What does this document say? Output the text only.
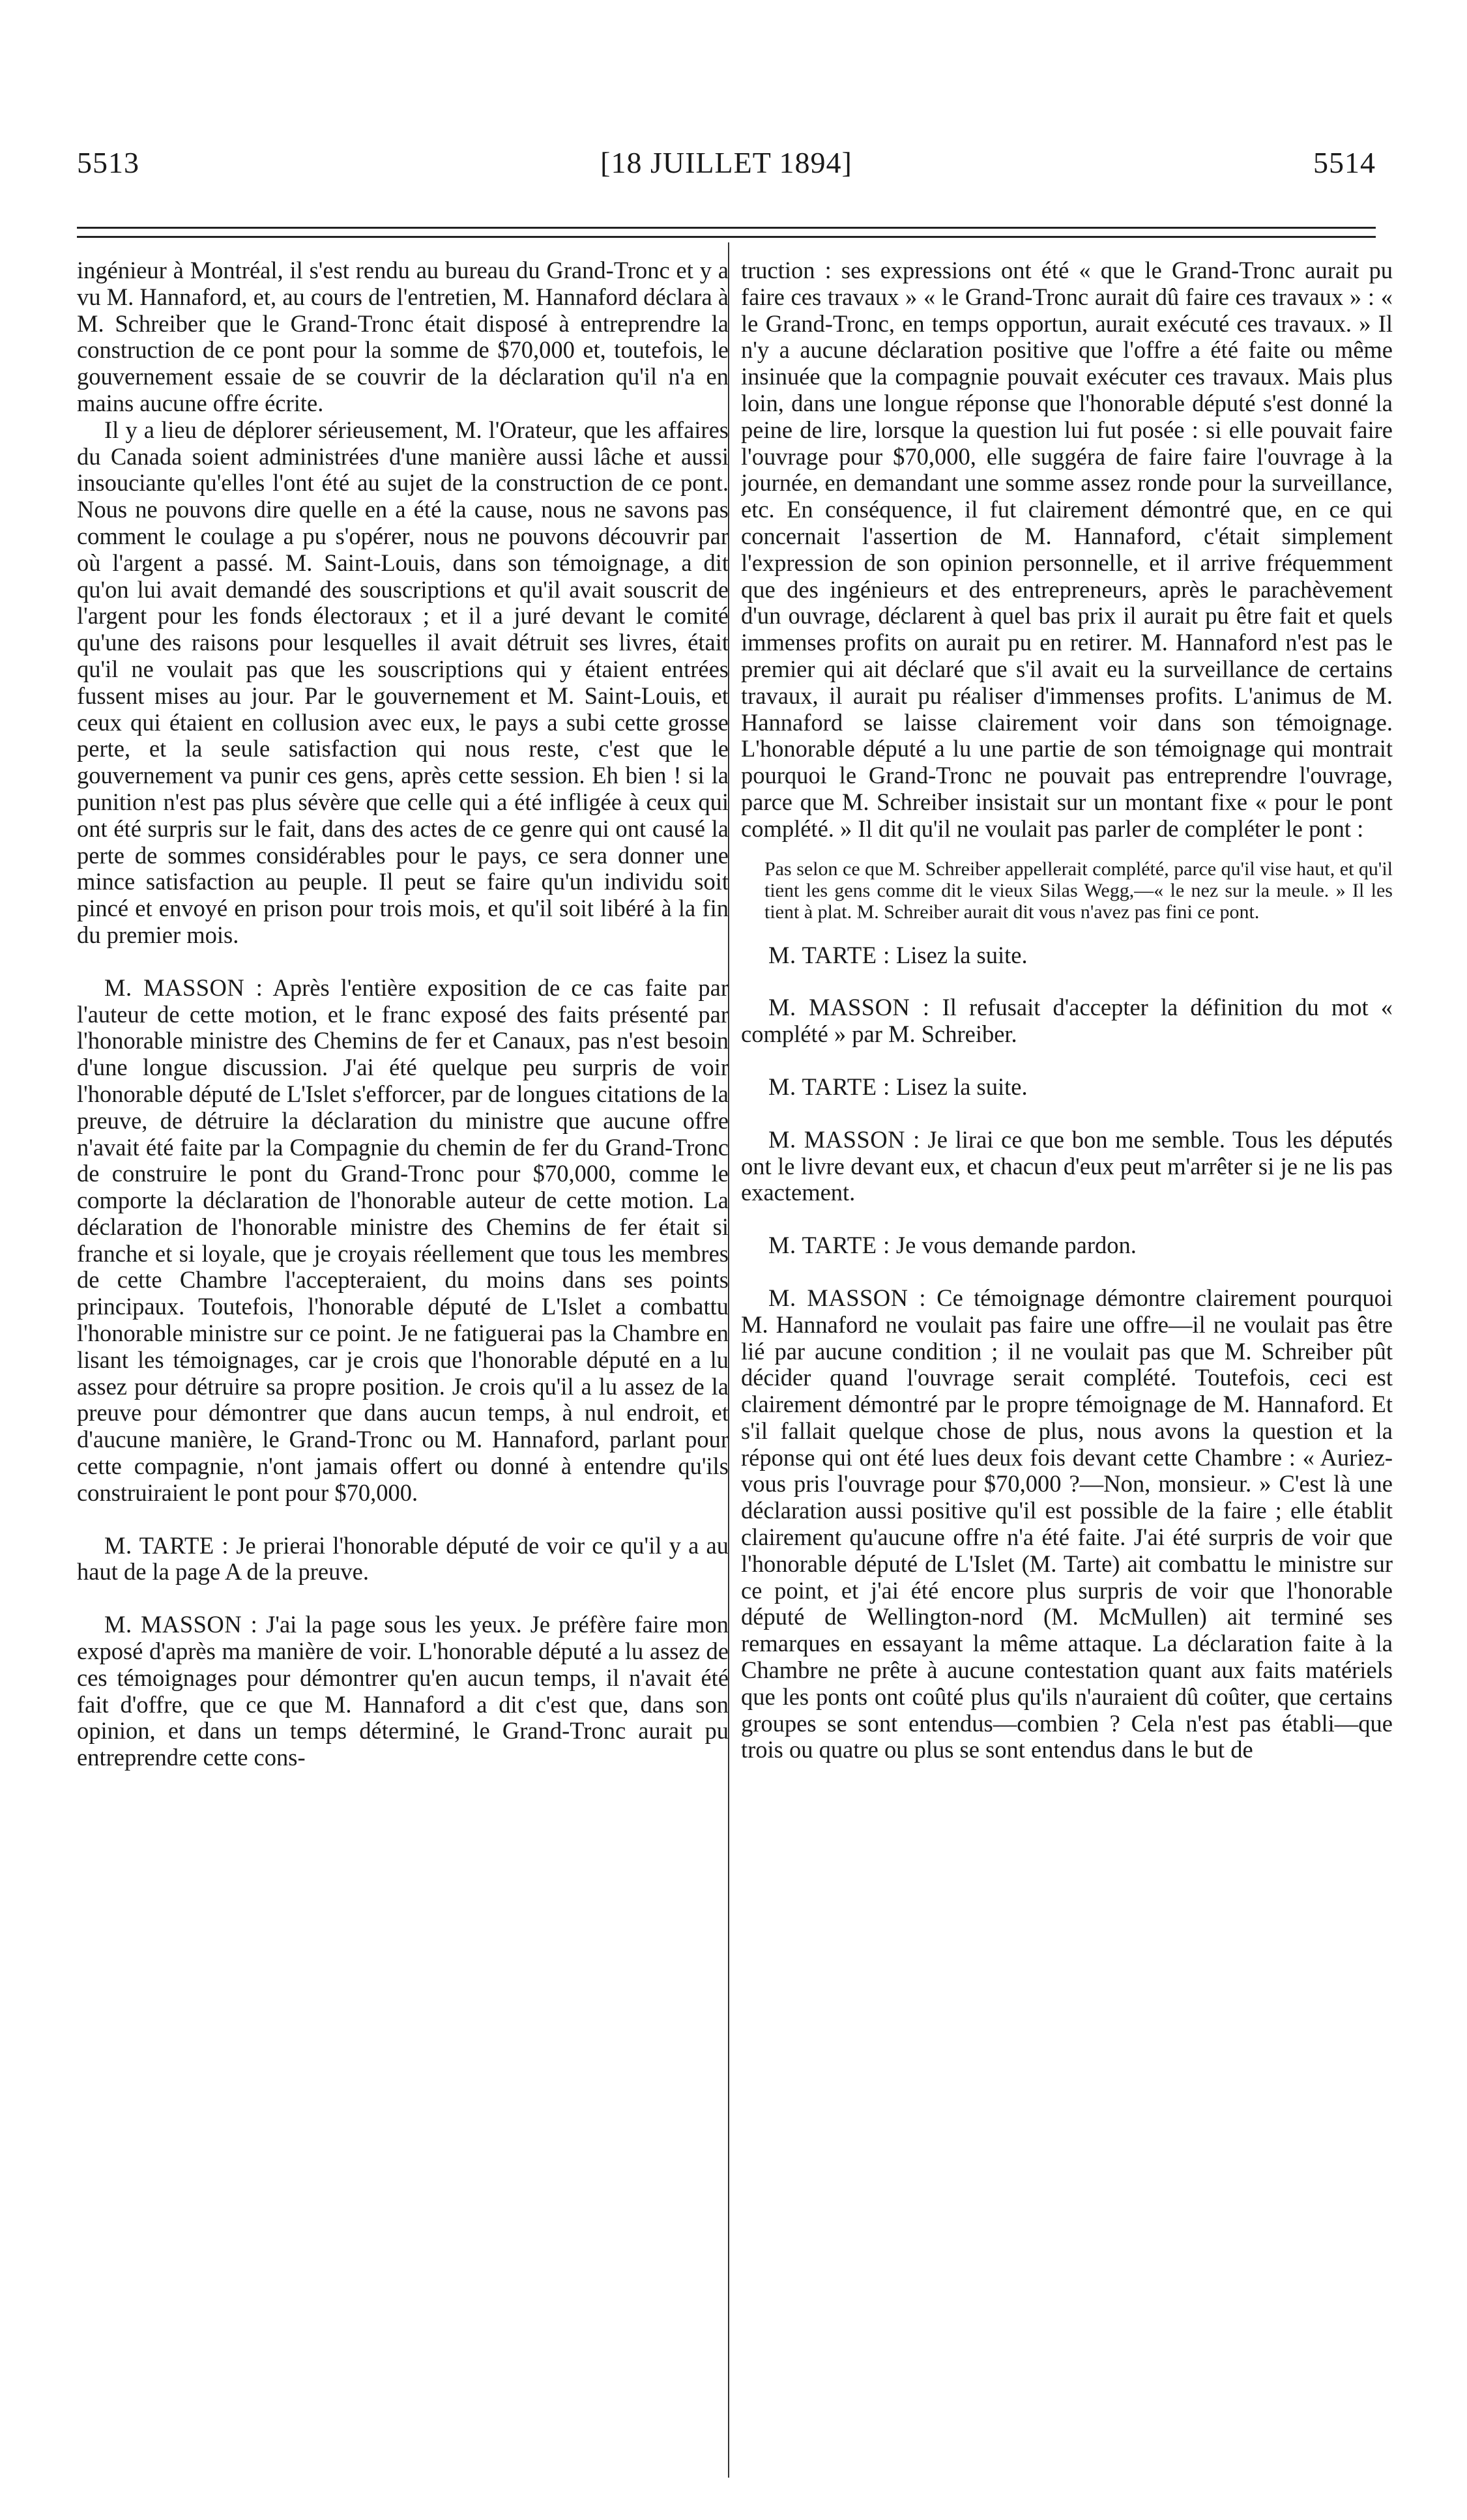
5513	[18 JUILLET 1894]	5514
ingénieur à Montréal, il s'est rendu au bureau du Grand-Tronc et y a vu M. Hannaford, et, au cours de l'entretien, M. Hannaford déclara à M. Schreiber que le Grand-Tronc était disposé à entreprendre la construction de ce pont pour la somme de $70,000 et, toutefois, le gouvernement essaie de se couvrir de la déclaration qu'il n'a en mains aucune offre écrite.
Il y a lieu de déplorer sérieusement, M. l'Orateur, que les affaires du Canada soient administrées d'une manière aussi lâche et aussi insouciante qu'elles l'ont été au sujet de la construction de ce pont. Nous ne pouvons dire quelle en a été la cause, nous ne savons pas comment le coulage a pu s'opérer, nous ne pouvons découvrir par où l'argent a passé. M. Saint-Louis, dans son témoignage, a dit qu'on lui avait demandé des souscriptions et qu'il avait souscrit de l'argent pour les fonds électoraux ; et il a juré devant le comité qu'une des raisons pour lesquelles il avait détruit ses livres, était qu'il ne voulait pas que les souscriptions qui y étaient entrées fussent mises au jour. Par le gouvernement et M. Saint-Louis, et ceux qui étaient en collusion avec eux, le pays a subi cette grosse perte, et la seule satisfaction qui nous reste, c'est que le gouvernement va punir ces gens, après cette session. Eh bien ! si la punition n'est pas plus sévère que celle qui a été infligée à ceux qui ont été surpris sur le fait, dans des actes de ce genre qui ont causé la perte de sommes considérables pour le pays, ce sera donner une mince satisfaction au peuple. Il peut se faire qu'un individu soit pincé et envoyé en prison pour trois mois, et qu'il soit libéré à la fin du premier mois.
M. MASSON : Après l'entière exposition de ce cas faite par l'auteur de cette motion, et le franc exposé des faits présenté par l'honorable ministre des Chemins de fer et Canaux, pas n'est besoin d'une longue discussion. J'ai été quelque peu surpris de voir l'honorable député de L'Islet s'efforcer, par de longues citations de la preuve, de détruire la déclaration du ministre que aucune offre n'avait été faite par la Compagnie du chemin de fer du Grand-Tronc de construire le pont du Grand-Tronc pour $70,000, comme le comporte la déclaration de l'honorable auteur de cette motion. La déclaration de l'honorable ministre des Chemins de fer était si franche et si loyale, que je croyais réellement que tous les membres de cette Chambre l'accepteraient, du moins dans ses points principaux. Toutefois, l'honorable député de L'Islet a combattu l'honorable ministre sur ce point. Je ne fatiguerai pas la Chambre en lisant les témoignages, car je crois que l'honorable député en a lu assez pour détruire sa propre position. Je crois qu'il a lu assez de la preuve pour démontrer que dans aucun temps, à nul endroit, et d'aucune manière, le Grand-Tronc ou M. Hannaford, parlant pour cette compagnie, n'ont jamais offert ou donné à entendre qu'ils construiraient le pont pour $70,000.
M. TARTE : Je prierai l'honorable député de voir ce qu'il y a au haut de la page A de la preuve.
M. MASSON : J'ai la page sous les yeux. Je préfère faire mon exposé d'après ma manière de voir. L'honorable député a lu assez de ces témoignages pour démontrer qu'en aucun temps, il n'avait été fait d'offre, que ce que M. Hannaford a dit c'est que, dans son opinion, et dans un temps déterminé, le Grand-Tronc aurait pu entreprendre cette cons-
truction : ses expressions ont été « que le Grand-Tronc aurait pu faire ces travaux » « le Grand-Tronc aurait dû faire ces travaux » : « le Grand-Tronc, en temps opportun, aurait exécuté ces travaux. » Il n'y a aucune déclaration positive que l'offre a été faite ou même insinuée que la compagnie pouvait exécuter ces travaux. Mais plus loin, dans une longue réponse que l'honorable député s'est donné la peine de lire, lorsque la question lui fut posée : si elle pouvait faire l'ouvrage pour $70,000, elle suggéra de faire faire l'ouvrage à la journée, en demandant une somme assez ronde pour la surveillance, etc. En conséquence, il fut clairement démontré que, en ce qui concernait l'assertion de M. Hannaford, c'était simplement l'expression de son opinion personnelle, et il arrive fréquemment que des ingénieurs et des entrepreneurs, après le parachèvement d'un ouvrage, déclarent à quel bas prix il aurait pu être fait et quels immenses profits on aurait pu en retirer. M. Hannaford n'est pas le premier qui ait déclaré que s'il avait eu la surveillance de certains travaux, il aurait pu réaliser d'immenses profits. L'animus de M. Hannaford se laisse clairement voir dans son témoignage. L'honorable député a lu une partie de son témoignage qui montrait pourquoi le Grand-Tronc ne pouvait pas entreprendre l'ouvrage, parce que M. Schreiber insistait sur un montant fixe « pour le pont complété. » Il dit qu'il ne voulait pas parler de compléter le pont :
Pas selon ce que M. Schreiber appellerait complété, parce qu'il vise haut, et qu'il tient les gens comme dit le vieux Silas Wegg,—« le nez sur la meule. » Il les tient à plat. M. Schreiber aurait dit vous n'avez pas fini ce pont.
M. TARTE : Lisez la suite.
M. MASSON : Il refusait d'accepter la définition du mot « complété » par M. Schreiber.
M. TARTE : Lisez la suite.
M. MASSON : Je lirai ce que bon me semble. Tous les députés ont le livre devant eux, et chacun d'eux peut m'arrêter si je ne lis pas exactement.
M. TARTE : Je vous demande pardon.
M. MASSON : Ce témoignage démontre clairement pourquoi M. Hannaford ne voulait pas faire une offre—il ne voulait pas être lié par aucune condition ; il ne voulait pas que M. Schreiber pût décider quand l'ouvrage serait complété. Toutefois, ceci est clairement démontré par le propre témoignage de M. Hannaford. Et s'il fallait quelque chose de plus, nous avons la question et la réponse qui ont été lues deux fois devant cette Chambre : « Auriez-vous pris l'ouvrage pour $70,000 ?—Non, monsieur. » C'est là une déclaration aussi positive qu'il est possible de la faire ; elle établit clairement qu'aucune offre n'a été faite. J'ai été surpris de voir que l'honorable député de L'Islet (M. Tarte) ait combattu le ministre sur ce point, et j'ai été encore plus surpris de voir que l'honorable député de Wellington-nord (M. McMullen) ait terminé ses remarques en essayant la même attaque. La déclaration faite à la Chambre ne prête à aucune contestation quant aux faits matériels que les ponts ont coûté plus qu'ils n'auraient dû coûter, que certains groupes se sont entendus—combien ? Cela n'est pas établi—que trois ou quatre ou plus se sont entendus dans le but de
